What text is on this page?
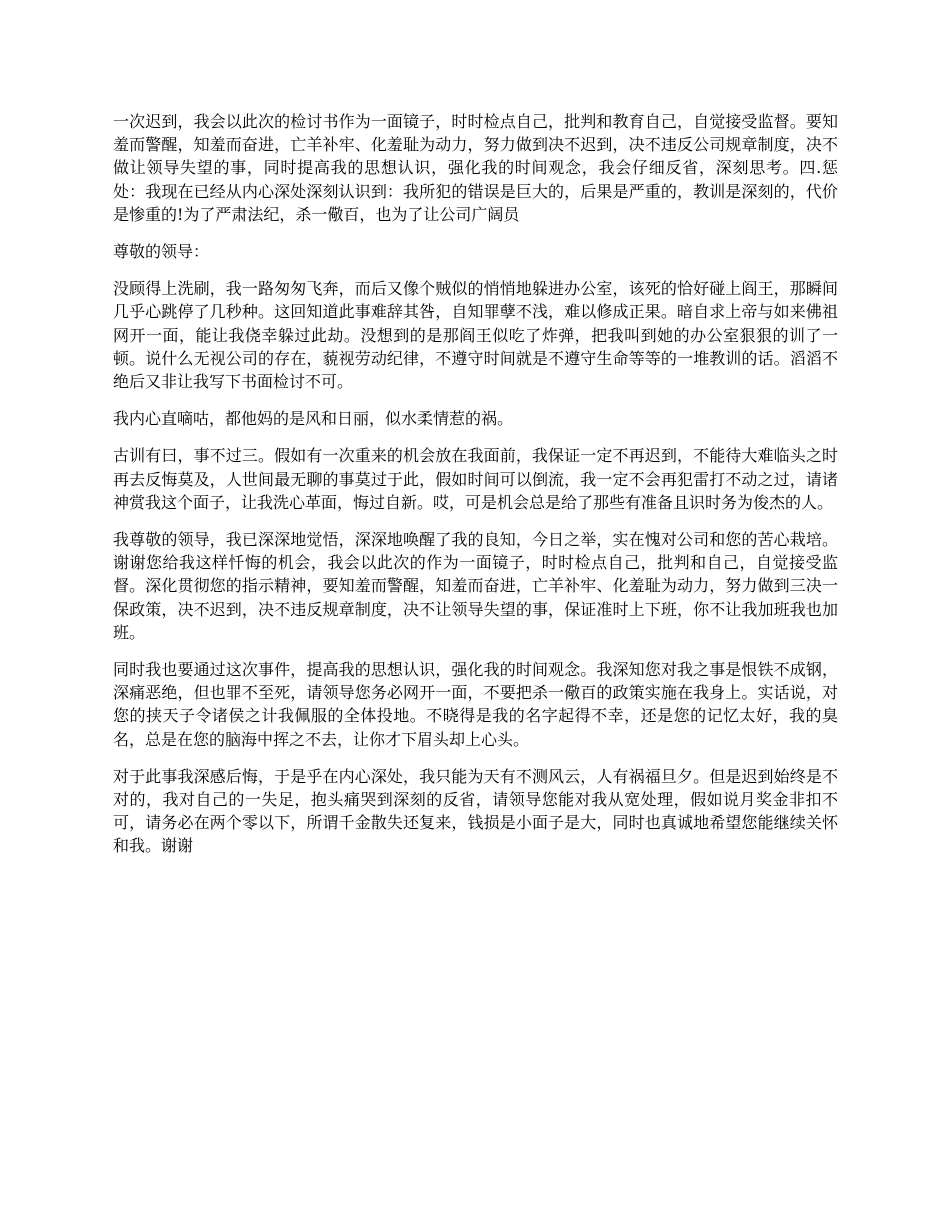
一次迟到，我会以此次的检讨书作为一面镜子，时时检点自己，批判和教育自己，自觉接受监督。要知羞而警醒，知羞而奋进，亡羊补牢、化羞耻为动力，努力做到决不迟到，决不违反公司规章制度，决不做让领导失望的事，同时提高我的思想认识，强化我的时间观念，我会仔细反省，深刻思考。四.惩处：我现在已经从内心深处深刻认识到：我所犯的错误是巨大的，后果是严重的，教训是深刻的，代价是惨重的!为了严肃法纪，杀一儆百，也为了让公司广阔员

尊敬的领导：

没顾得上洗刷，我一路匆匆飞奔，而后又像个贼似的悄悄地躲进办公室，该死的恰好碰上阎王，那瞬间几乎心跳停了几秒种。这回知道此事难辞其咎，自知罪孽不浅，难以修成正果。暗自求上帝与如来佛祖网开一面，能让我侥幸躲过此劫。没想到的是那阎王似吃了炸弹，把我叫到她的办公室狠狠的训了一顿。说什么无视公司的存在，藐视劳动纪律，不遵守时间就是不遵守生命等等的一堆教训的话。滔滔不绝后又非让我写下书面检讨不可。

我内心直嘀咕，都他妈的是风和日丽，似水柔情惹的祸。

古训有曰，事不过三。假如有一次重来的机会放在我面前，我保证一定不再迟到，不能待大难临头之时再去反悔莫及，人世间最无聊的事莫过于此，假如时间可以倒流，我一定不会再犯雷打不动之过，请诸神赏我这个面子，让我洗心革面，悔过自新。哎，可是机会总是给了那些有准备且识时务为俊杰的人。

我尊敬的领导，我已深深地觉悟，深深地唤醒了我的良知，今日之举，实在愧对公司和您的苦心栽培。谢谢您给我这样忏悔的机会，我会以此次的作为一面镜子，时时检点自己，批判和自己，自觉接受监督。深化贯彻您的指示精神，要知羞而警醒，知羞而奋进，亡羊补牢、化羞耻为动力，努力做到三决一保政策，决不迟到，决不违反规章制度，决不让领导失望的事，保证准时上下班，你不让我加班我也加班。

同时我也要通过这次事件，提高我的思想认识，强化我的时间观念。我深知您对我之事是恨铁不成钢，深痛恶绝，但也罪不至死，请领导您务必网开一面，不要把杀一儆百的政策实施在我身上。实话说，对您的挟天子令诸侯之计我佩服的全体投地。不晓得是我的名字起得不幸，还是您的记忆太好，我的臭名，总是在您的脑海中挥之不去，让你才下眉头却上心头。

对于此事我深感后悔，于是乎在内心深处，我只能为天有不测风云，人有祸福旦夕。但是迟到始终是不对的，我对自己的一失足，抱头痛哭到深刻的反省，请领导您能对我从宽处理，假如说月奖金非扣不可，请务必在两个零以下，所谓千金散失还复来，钱损是小面子是大，同时也真诚地希望您能继续关怀和我。谢谢
